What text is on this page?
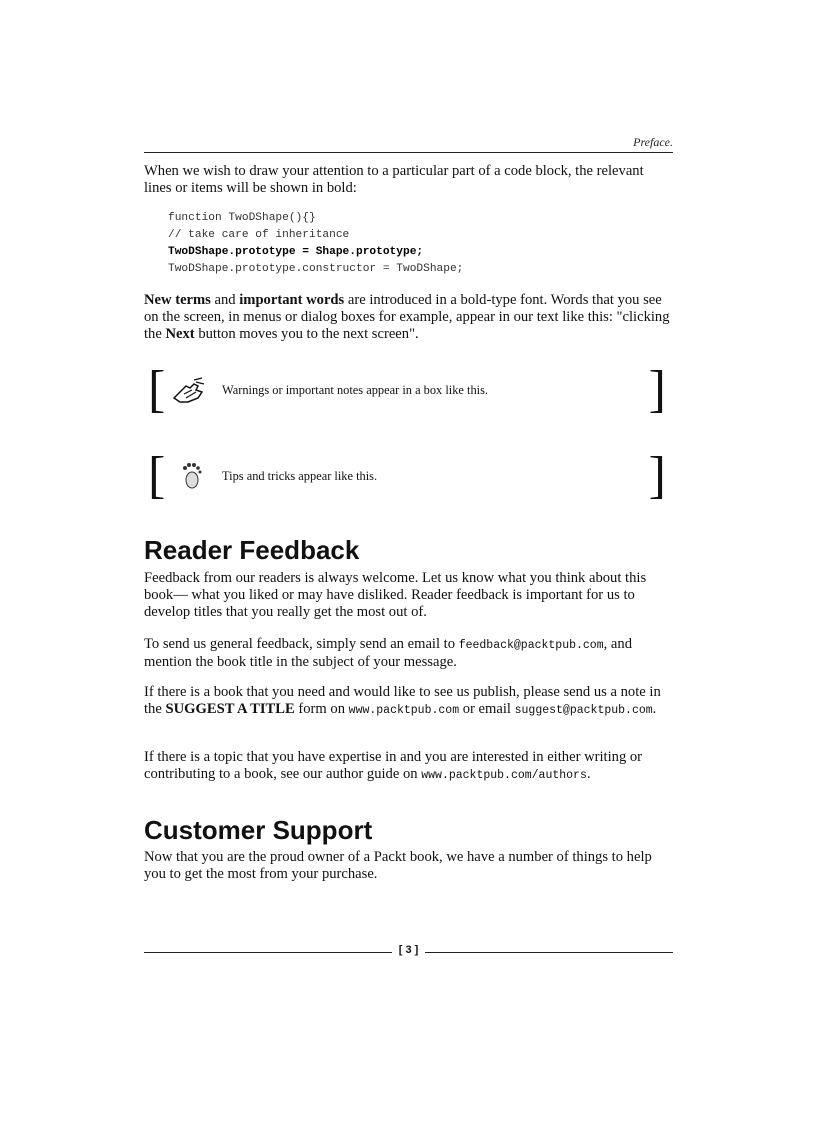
Preface.

When we wish to draw your attention to a particular part of a code block, the relevant lines or items will be shown in bold:

function TwoDShape(){}
// take care of inheritance
TwoDShape.prototype = Shape.prototype;
TwoDShape.prototype.constructor = TwoDShape;

New terms and important words are introduced in a bold-type font. Words that you see on the screen, in menus or dialog boxes for example, appear in our text like this: "clicking the Next button moves you to the next screen".

[	Warnings or important notes appear in a box like this.	]
[	Tips and tricks appear like this.	]
Reader Feedback

Feedback from our readers is always welcome. Let us know what you think about this book— what you liked or may have disliked. Reader feedback is important for us to develop titles that you really get the most out of.

To send us general feedback, simply send an email to feedback@packtpub.com, and mention the book title in the subject of your message.

If there is a book that you need and would like to see us publish, please send us a note in the SUGGEST A TITLE form on www.packtpub.com or email suggest@packtpub.com.

If there is a topic that you have expertise in and you are interested in either writing or contributing to a book, see our author guide on www.packtpub.com/authors.

Customer Support

Now that you are the proud owner of a Packt book, we have a number of things to help you to get the most from your purchase.

[ 3 ]
